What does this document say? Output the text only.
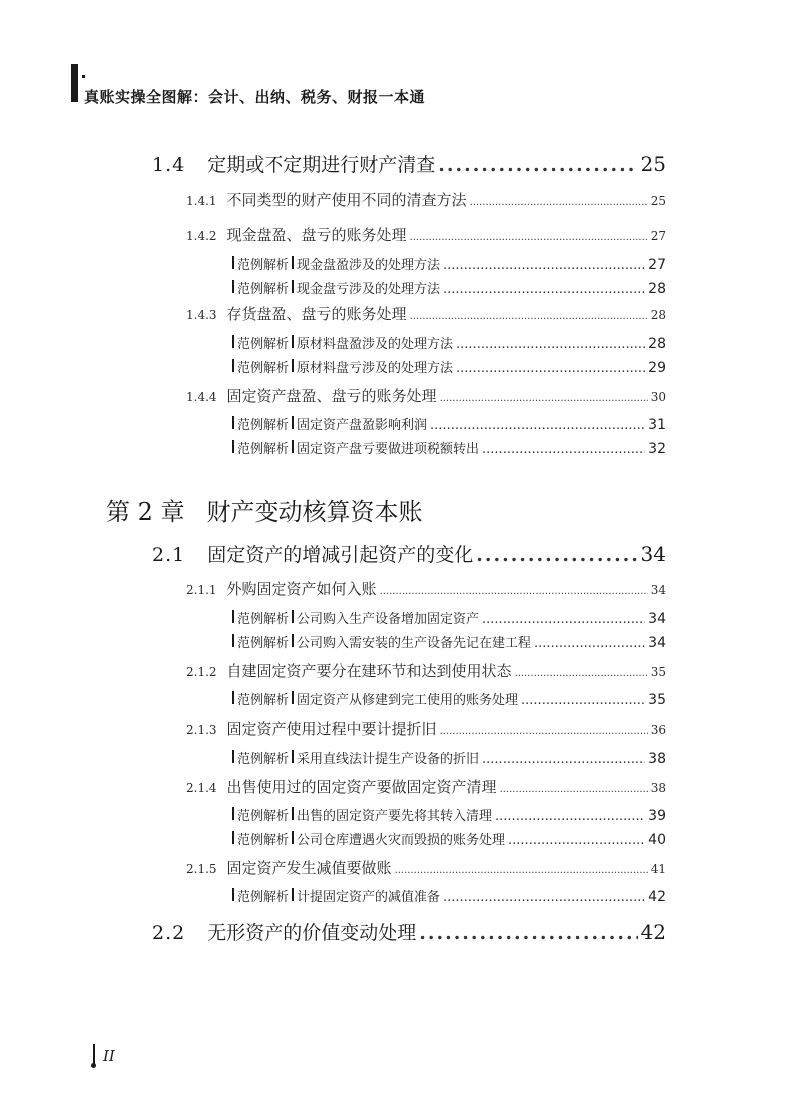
真账实操全图解：会计、出纳、税务、财报一本通
1.4 定期或不定期进行财产清查 .....	25
1.4.1 不同类型的财产使用不同的清查方法 .....	25
1.4.2 现金盘盈、盘亏的账务处理 .....	27
范例解析 现金盘盈涉及的处理方法 .....	27
范例解析 现金盘亏涉及的处理方法 .....	28
1.4.3 存货盘盈、盘亏的账务处理 .....	28
范例解析 原材料盘盈涉及的处理方法 .....	28
范例解析 原材料盘亏涉及的处理方法 .....	29
1.4.4 固定资产盘盈、盘亏的账务处理 .....	30
范例解析 固定资产盘盈影响利润 .....	31
范例解析 固定资产盘亏要做进项税额转出 .....	32
第 2 章 财产变动核算资本账
2.1 固定资产的增减引起资产的变化 .....	34
2.1.1 外购固定资产如何入账 .....	34
范例解析 公司购入生产设备增加固定资产 .....	34
范例解析 公司购入需安装的生产设备先记在建工程 .....	34
2.1.2 自建固定资产要分在建环节和达到使用状态 .....	35
范例解析 固定资产从修建到完工使用的账务处理 .....	35
2.1.3 固定资产使用过程中要计提折旧 .....	36
范例解析 采用直线法计提生产设备的折旧 .....	38
2.1.4 出售使用过的固定资产要做固定资产清理 .....	38
范例解析 出售的固定资产要先将其转入清理 .....	39
范例解析 公司仓库遭遇火灾而毁损的账务处理 .....	40
2.1.5 固定资产发生减值要做账 .....	41
范例解析 计提固定资产的减值准备 .....	42
2.2 无形资产的价值变动处理 .....	42
II
